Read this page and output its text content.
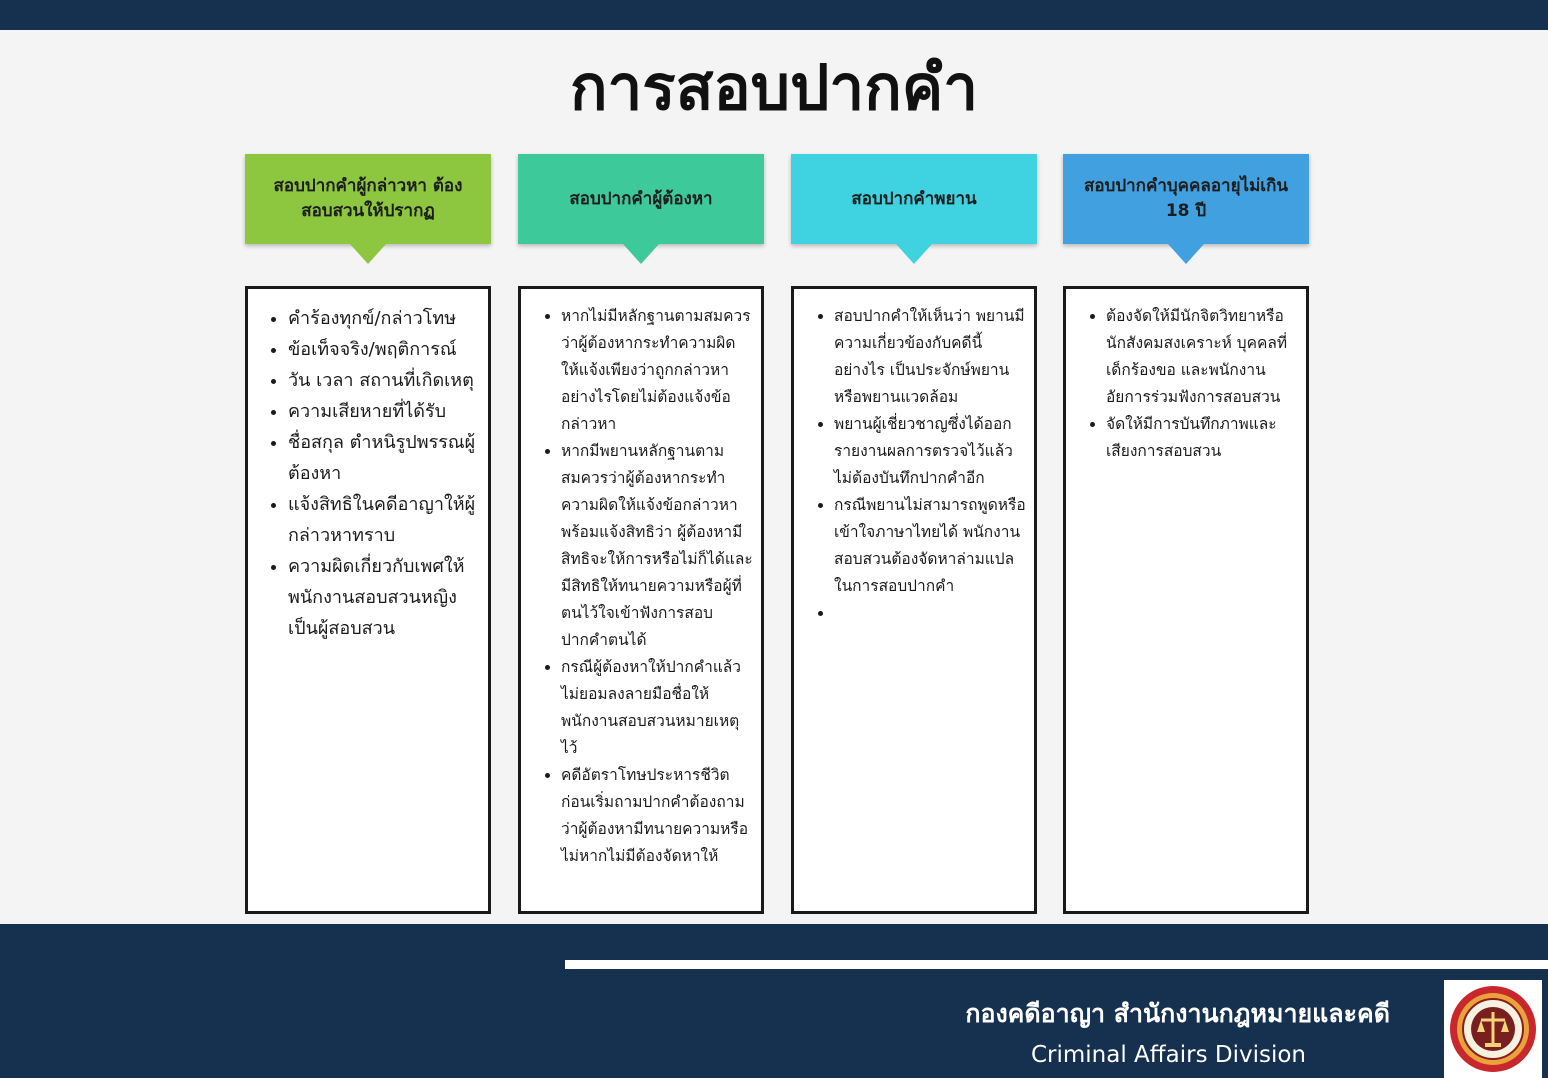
การสอบปากคำ
สอบปากคำผู้กล่าวหา ต้องสอบสวนให้ปรากฏ
• คำร้องทุกข์/กล่าวโทษ
• ข้อเท็จจริง/พฤติการณ์
• วัน เวลา สถานที่เกิดเหตุ
• ความเสียหายที่ได้รับ
• ชื่อสกุล ตำหนิรูปพรรณผู้ต้องหา
• แจ้งสิทธิในคดีอาญาให้ผู้กล่าวหาทราบ
• ความผิดเกี่ยวกับเพศให้พนักงานสอบสวนหญิงเป็นผู้สอบสวน
สอบปากคำผู้ต้องหา
• หากไม่มีหลักฐานตามสมควรว่าผู้ต้องหากระทำความผิดให้แจ้งเพียงว่าถูกกล่าวหาอย่างไรโดยไม่ต้องแจ้งข้อกล่าวหา
• หากมีพยานหลักฐานตามสมควรว่าผู้ต้องหากระทำความผิดให้แจ้งข้อกล่าวหาพร้อมแจ้งสิทธิว่า ผู้ต้องหามีสิทธิจะให้การหรือไม่ก็ได้และมีสิทธิให้ทนายความหรือผู้ที่ตนไว้ใจเข้าฟังการสอบปากคำตนได้
• กรณีผู้ต้องหาให้ปากคำแล้วไม่ยอมลงลายมือชื่อให้พนักงานสอบสวนหมายเหตุไว้
• คดีอัตราโทษประหารชีวิต ก่อนเริ่มถามปากคำต้องถามว่าผู้ต้องหามีทนายความหรือไม่หากไม่มีต้องจัดหาให้
สอบปากคำพยาน
• สอบปากคำให้เห็นว่า พยานมีความเกี่ยวข้องกับคดีนี้อย่างไร เป็นประจักษ์พยานหรือพยานแวดล้อม
• พยานผู้เชี่ยวชาญซึ่งได้ออกรายงานผลการตรวจไว้แล้วไม่ต้องบันทึกปากคำอีก
• กรณีพยานไม่สามารถพูดหรือเข้าใจภาษาไทยได้ พนักงานสอบสวนต้องจัดหาล่ามแปลในการสอบปากคำ
•
สอบปากคำบุคคลอายุไม่เกิน 18 ปี
• ต้องจัดให้มีนักจิตวิทยาหรือนักสังคมสงเคราะห์ บุคคลที่เด็กร้องขอ และพนักงานอัยการร่วมฟังการสอบสวน
• จัดให้มีการบันทึกภาพและเสียงการสอบสวน
กองคดีอาญา สำนักงานกฎหมายและคดี
Criminal Affairs Division
